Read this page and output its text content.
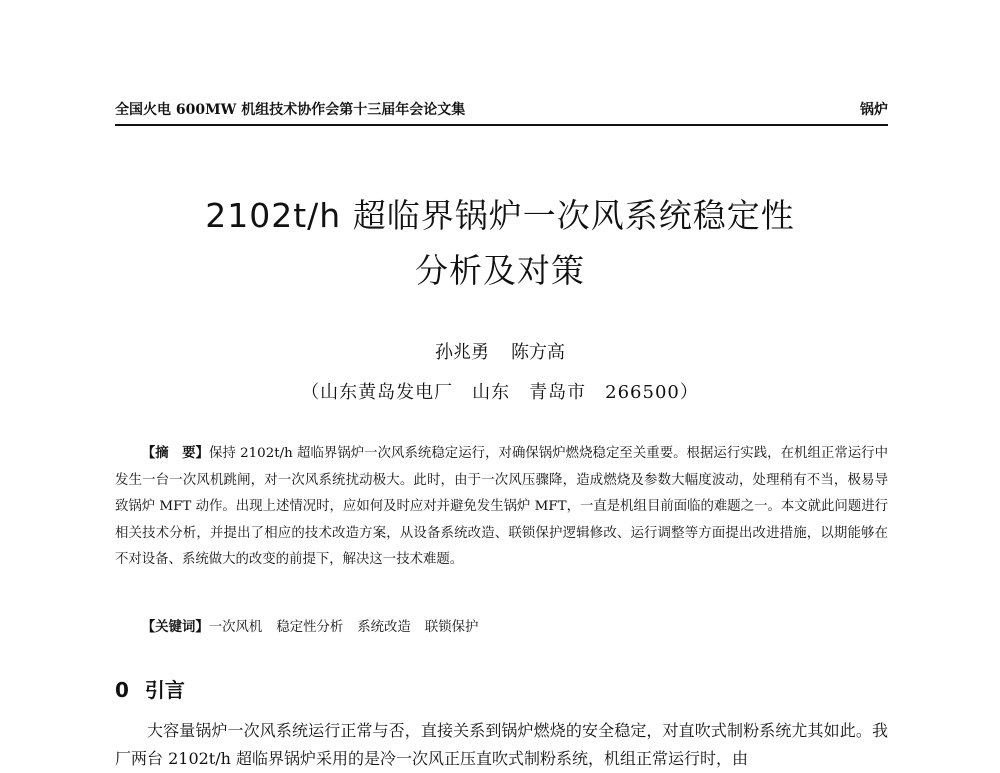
全国火电 600MW 机组技术协作会第十三届年会论文集	锅炉
2102t/h 超临界锅炉一次风系统稳定性
分析及对策
孙兆勇 陈方高
（山东黄岛发电厂　山东　青岛市　266500）
【摘　要】保持 2102t/h 超临界锅炉一次风系统稳定运行，对确保锅炉燃烧稳定至关重要。根据运行实践，在机组正常运行中发生一台一次风机跳闸，对一次风系统扰动极大。此时，由于一次风压骤降，造成燃烧及参数大幅度波动，处理稍有不当，极易导致锅炉 MFT 动作。出现上述情况时，应如何及时应对并避免发生锅炉 MFT，一直是机组目前面临的难题之一。本文就此问题进行相关技术分析，并提出了相应的技术改造方案，从设备系统改造、联锁保护逻辑修改、运行调整等方面提出改进措施，以期能够在不对设备、系统做大的改变的前提下，解决这一技术难题。
【关键词】一次风机 稳定性分析 系统改造 联锁保护
0 引言
大容量锅炉一次风系统运行正常与否，直接关系到锅炉燃烧的安全稳定，对直吹式制粉系统尤其如此。我厂两台 2102t/h 超临界锅炉采用的是冷一次风正压直吹式制粉系统，机组正常运行时，由
